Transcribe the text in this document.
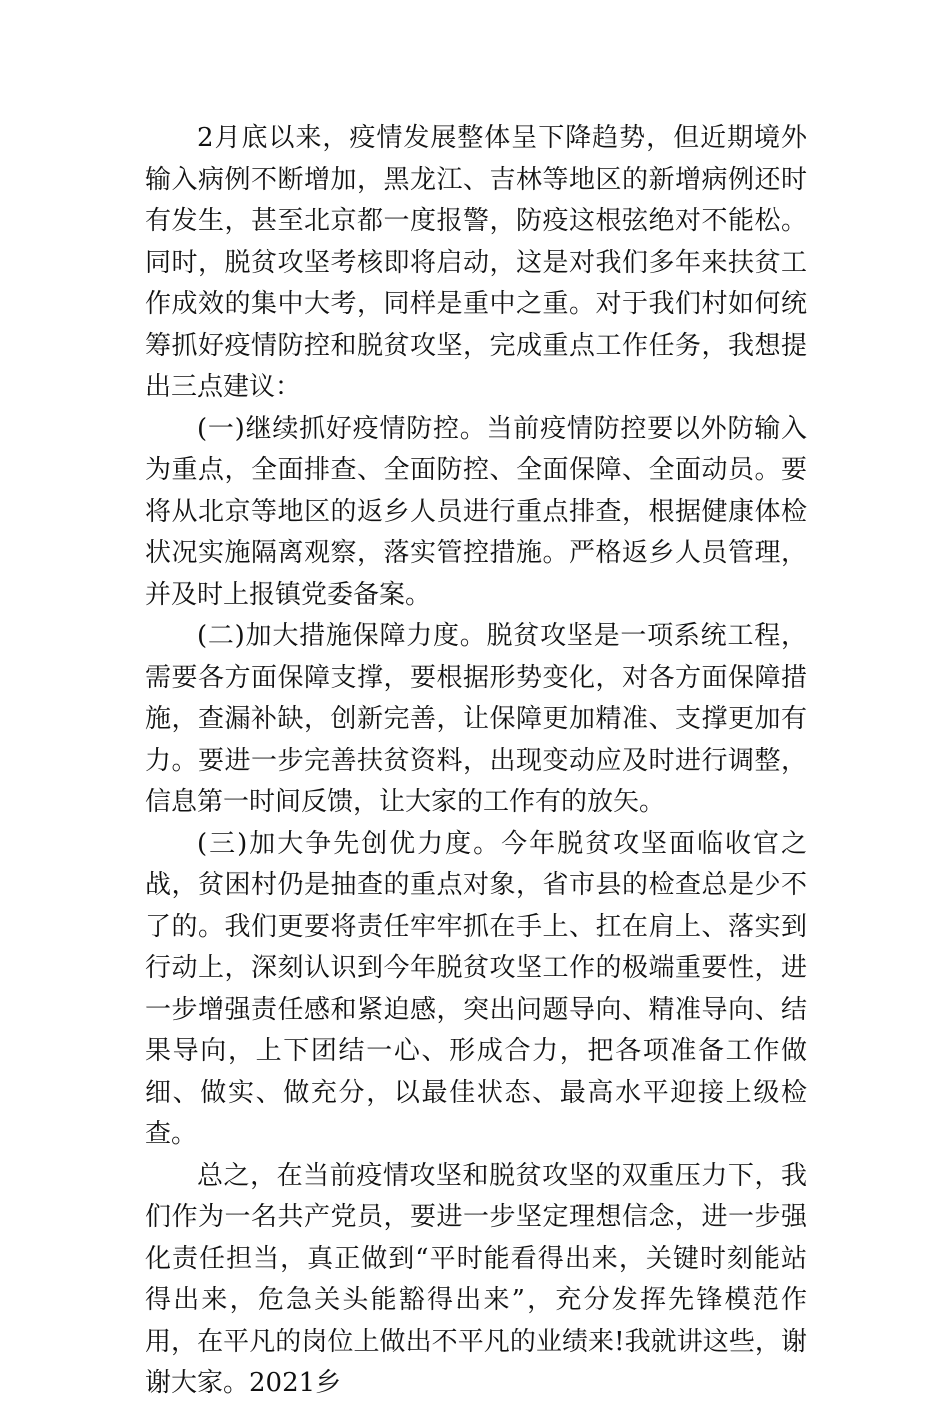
2月底以来，疫情发展整体呈下降趋势，但近期境外输入病例不断增加，黑龙江、吉林等地区的新增病例还时有发生，甚至北京都一度报警，防疫这根弦绝对不能松。同时，脱贫攻坚考核即将启动，这是对我们多年来扶贫工作成效的集中大考，同样是重中之重。对于我们村如何统筹抓好疫情防控和脱贫攻坚，完成重点工作任务，我想提出三点建议：

(一)继续抓好疫情防控。当前疫情防控要以外防输入为重点，全面排查、全面防控、全面保障、全面动员。要将从北京等地区的返乡人员进行重点排查，根据健康体检状况实施隔离观察，落实管控措施。严格返乡人员管理，并及时上报镇党委备案。

(二)加大措施保障力度。脱贫攻坚是一项系统工程，需要各方面保障支撑，要根据形势变化，对各方面保障措施，查漏补缺，创新完善，让保障更加精准、支撑更加有力。要进一步完善扶贫资料，出现变动应及时进行调整，信息第一时间反馈，让大家的工作有的放矢。

(三)加大争先创优力度。今年脱贫攻坚面临收官之战，贫困村仍是抽查的重点对象，省市县的检查总是少不了的。我们更要将责任牢牢抓在手上、扛在肩上、落实到行动上，深刻认识到今年脱贫攻坚工作的极端重要性，进一步增强责任感和紧迫感，突出问题导向、精准导向、结果导向，上下团结一心、形成合力，把各项准备工作做细、做实、做充分，以最佳状态、最高水平迎接上级检查。

总之，在当前疫情攻坚和脱贫攻坚的双重压力下，我们作为一名共产党员，要进一步坚定理想信念，进一步强化责任担当，真正做到“平时能看得出来，关键时刻能站得出来，危急关头能豁得出来”，充分发挥先锋模范作用，在平凡的岗位上做出不平凡的业绩来!我就讲这些，谢谢大家。2021乡
